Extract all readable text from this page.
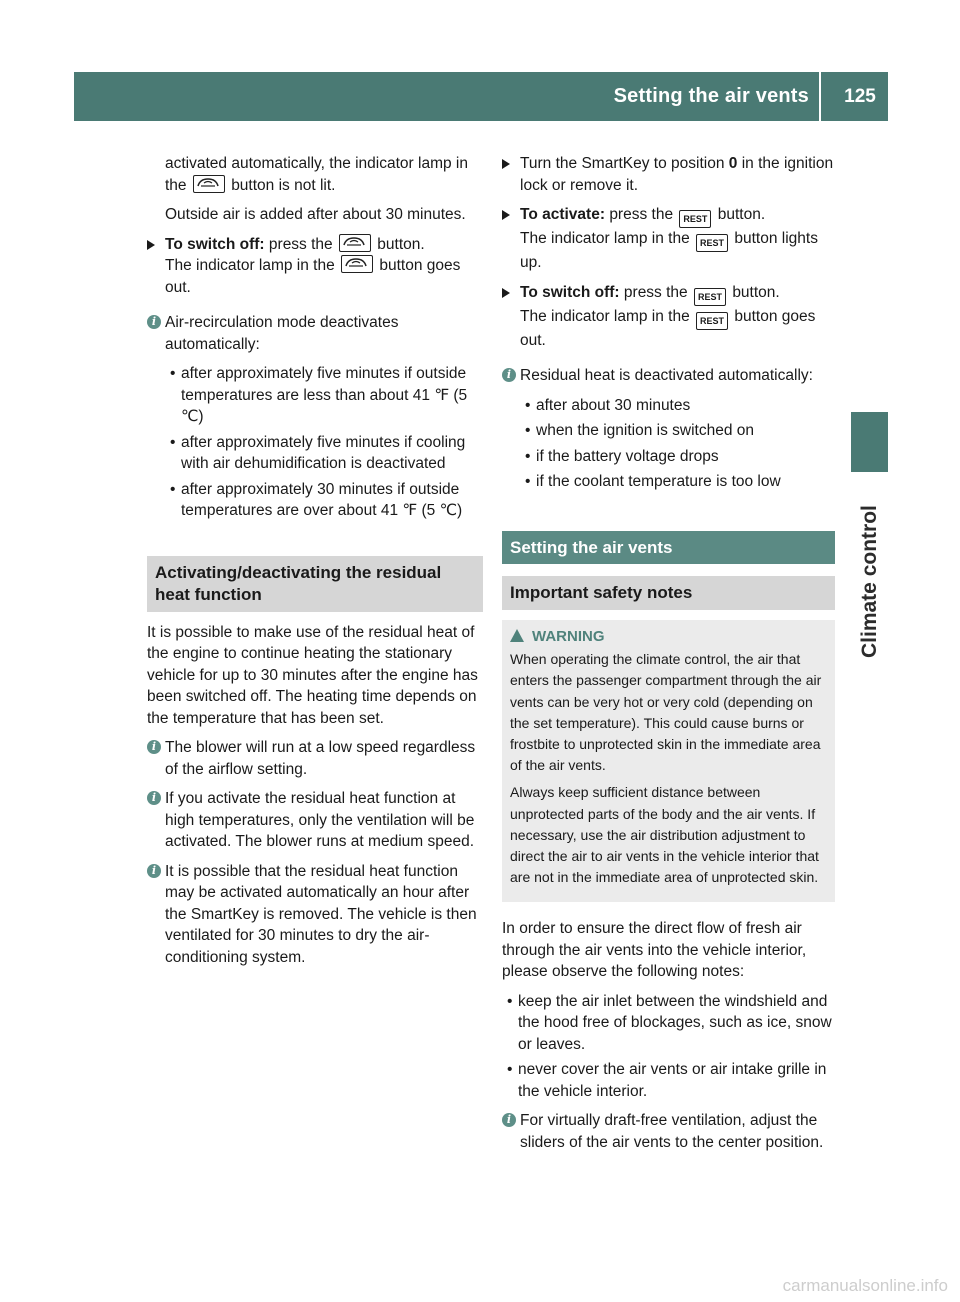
Setting the air vents	125
Climate control

activated automatically, the indicator lamp in the	button is not lit.

Outside air is added after about 30 minutes.

To switch off: press the	button.
The indicator lamp in the	button goes out.
i Air-recirculation mode deactivates automatically:
• after approximately five minutes if outside temperatures are less than about 41 ℉ (5 ℃)
• after approximately five minutes if cooling with air dehumidification is deactivated
• after approximately 30 minutes if outside temperatures are over about 41 ℉ (5 ℃)
Activating/deactivating the residual heat function

It is possible to make use of the residual heat of the engine to continue heating the stationary vehicle for up to 30 minutes after the engine has been switched off. The heating time depends on the temperature that has been set.

i The blower will run at a low speed regardless of the airflow setting.
i If you activate the residual heat function at high temperatures, only the ventilation will be activated. The blower runs at medium speed.
i It is possible that the residual heat function may be activated automatically an hour after the SmartKey is removed. The vehicle is then ventilated for 30 minutes to dry the air-conditioning system.
Turn the SmartKey to position 0 in the ignition lock or remove it.
To activate: press the REST button.
The indicator lamp in the REST button lights up.
To switch off: press the REST button.
The indicator lamp in the REST button goes out.
i Residual heat is deactivated automatically:
• after about 30 minutes
• when the ignition is switched on
• if the battery voltage drops
• if the coolant temperature is too low
Setting the air vents
Important safety notes
WARNING

When operating the climate control, the air that enters the passenger compartment through the air vents can be very hot or very cold (depending on the set temperature). This could cause burns or frostbite to unprotected skin in the immediate area of the air vents.

Always keep sufficient distance between unprotected parts of the body and the air vents. If necessary, use the air distribution adjustment to direct the air to air vents in the vehicle interior that are not in the immediate area of unprotected skin.

In order to ensure the direct flow of fresh air through the air vents into the vehicle interior, please observe the following notes:

• keep the air inlet between the windshield and the hood free of blockages, such as ice, snow or leaves.
• never cover the air vents or air intake grille in the vehicle interior.
i For virtually draft-free ventilation, adjust the sliders of the air vents to the center position.
carmanualsonline.info
